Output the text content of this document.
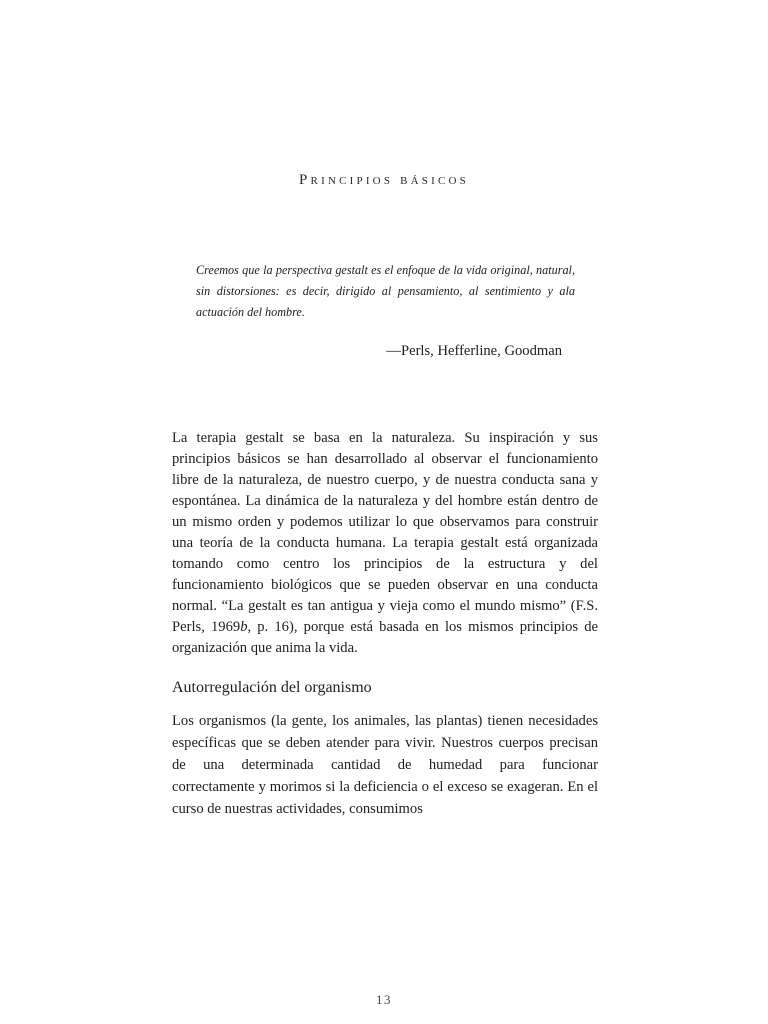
Principios básicos
Creemos que la perspectiva gestalt es el enfoque de la vida original, natural,
sin distorsiones: es decir, dirigido al pensamiento, al sentimiento y ala
actuación del hombre.
—Perls, Hefferline, Goodman
La terapia gestalt se basa en la naturaleza. Su inspiración y sus
principios básicos se han desarrollado al observar el funcionamiento
libre de la naturaleza, de nuestro cuerpo, y de nuestra conducta sana y
espontánea. La dinámica de la naturaleza y del hombre están dentro de
un mismo orden y podemos utilizar lo que observamos para construir
una teoría de la conducta humana. La terapia gestalt está organizada
tomando como centro los principios de la estructura y del
funcionamiento biológicos que se pueden observar en una conducta
normal. “La gestalt es tan antigua y vieja como el mundo mismo” (F.S.
Perls, 1969b, p. 16), porque está basada en los mismos principios de
organización que anima la vida.
Autorregulación del organismo
Los organismos (la gente, los animales, las plantas) tienen necesidades
específicas que se deben atender para vivir. Nuestros cuerpos precisan
de una determinada cantidad de humedad para funcionar
correctamente y morimos si la deficiencia o el exceso se exageran. En el
curso de nuestras actividades, consumimos
13
